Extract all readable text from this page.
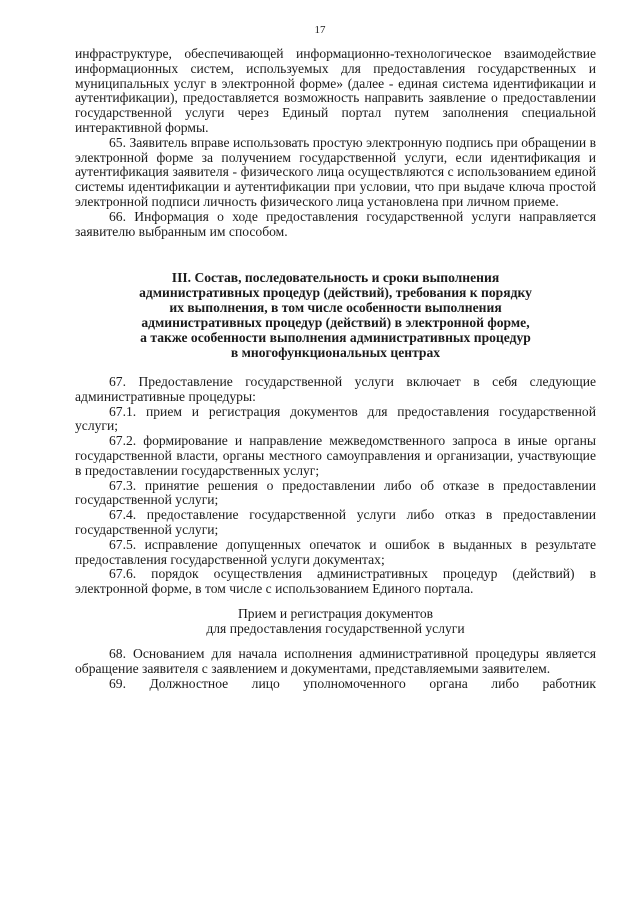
17

инфраструктуре, обеспечивающей информационно-технологическое взаимодействие информационных систем, используемых для предоставления государственных и муниципальных услуг в электронной форме» (далее - единая система идентификации и аутентификации), предоставляется возможность направить заявление о предоставлении государственной услуги через Единый портал путем заполнения специальной интерактивной формы.

65. Заявитель вправе использовать простую электронную подпись при обращении в электронной форме за получением государственной услуги, если идентификация и аутентификация заявителя - физического лица осуществляются с использованием единой системы идентификации и аутентификации при условии, что при выдаче ключа простой электронной подписи личность физического лица установлена при личном приеме.

66. Информация о ходе предоставления государственной услуги направляется заявителю выбранным им способом.

III. Состав, последовательность и сроки выполнения
административных процедур (действий), требования к порядку
их выполнения, в том числе особенности выполнения
административных процедур (действий) в электронной форме,
а также особенности выполнения административных процедур
в многофункциональных центрах

67. Предоставление государственной услуги включает в себя следующие административные процедуры:

67.1. прием и регистрация документов для предоставления государственной услуги;

67.2. формирование и направление межведомственного запроса в иные органы государственной власти, органы местного самоуправления и организации, участвующие в предоставлении государственных услуг;

67.3. принятие решения о предоставлении либо об отказе в предоставлении государственной услуги;

67.4. предоставление государственной услуги либо отказ в предоставлении государственной услуги;

67.5. исправление допущенных опечаток и ошибок в выданных в результате предоставления государственной услуги документах;

67.6. порядок осуществления административных процедур (действий) в электронной форме, в том числе с использованием Единого портала.

Прием и регистрация документов
для предоставления государственной услуги

68. Основанием для начала исполнения административной процедуры является обращение заявителя с заявлением и документами, представляемыми заявителем.

69. Должностное лицо уполномоченного органа либо работник
